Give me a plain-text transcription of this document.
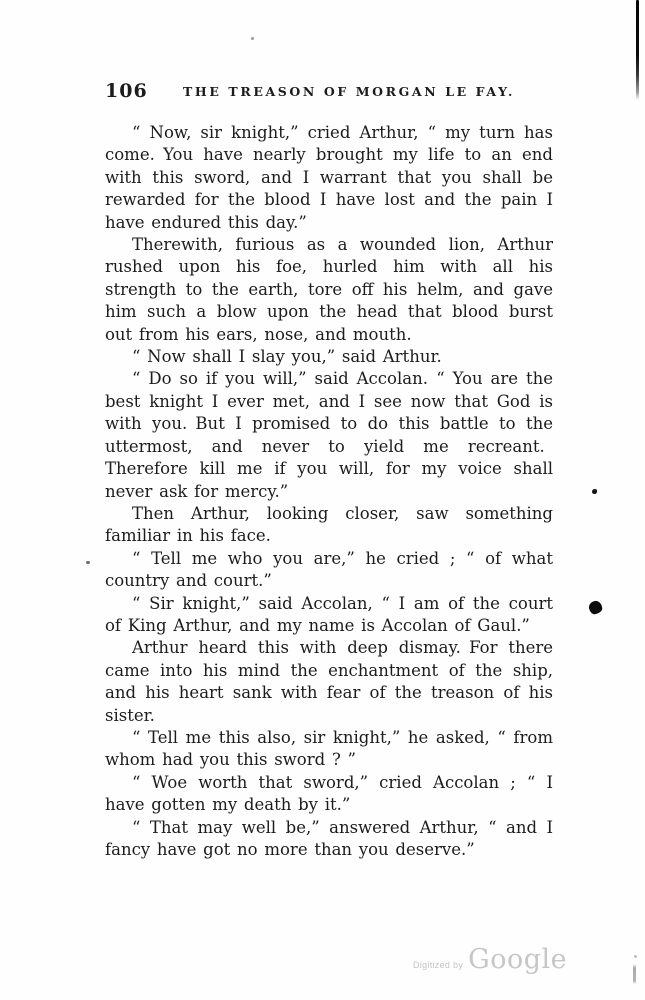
106	THE TREASON OF MORGAN LE FAY.

“ Now, sir knight,” cried Arthur, “ my turn has come. You have nearly brought my life to an end with this sword, and I warrant that you shall be rewarded for the blood I have lost and the pain I have endured this day.”

Therewith, furious as a wounded lion, Arthur rushed upon his foe, hurled him with all his strength to the earth, tore off his helm, and gave him such a blow upon the head that blood burst out from his ears, nose, and mouth.

“ Now shall I slay you,” said Arthur.

“ Do so if you will,” said Accolan. “ You are the best knight I ever met, and I see now that God is with you. But I promised to do this battle to the uttermost, and never to yield me recreant. Therefore kill me if you will, for my voice shall never ask for mercy.”

Then Arthur, looking closer, saw something familiar in his face.

“ Tell me who you are,” he cried ; “ of what country and court.”

“ Sir knight,” said Accolan, “ I am of the court of King Arthur, and my name is Accolan of Gaul.”

Arthur heard this with deep dismay. For there came into his mind the enchantment of the ship, and his heart sank with fear of the treason of his sister.

“ Tell me this also, sir knight,” he asked, “ from whom had you this sword ? ”

“ Woe worth that sword,” cried Accolan ; “ I have gotten my death by it.”

“ That may well be,” answered Arthur, “ and I fancy have got no more than you deserve.”

Digitized by Google
